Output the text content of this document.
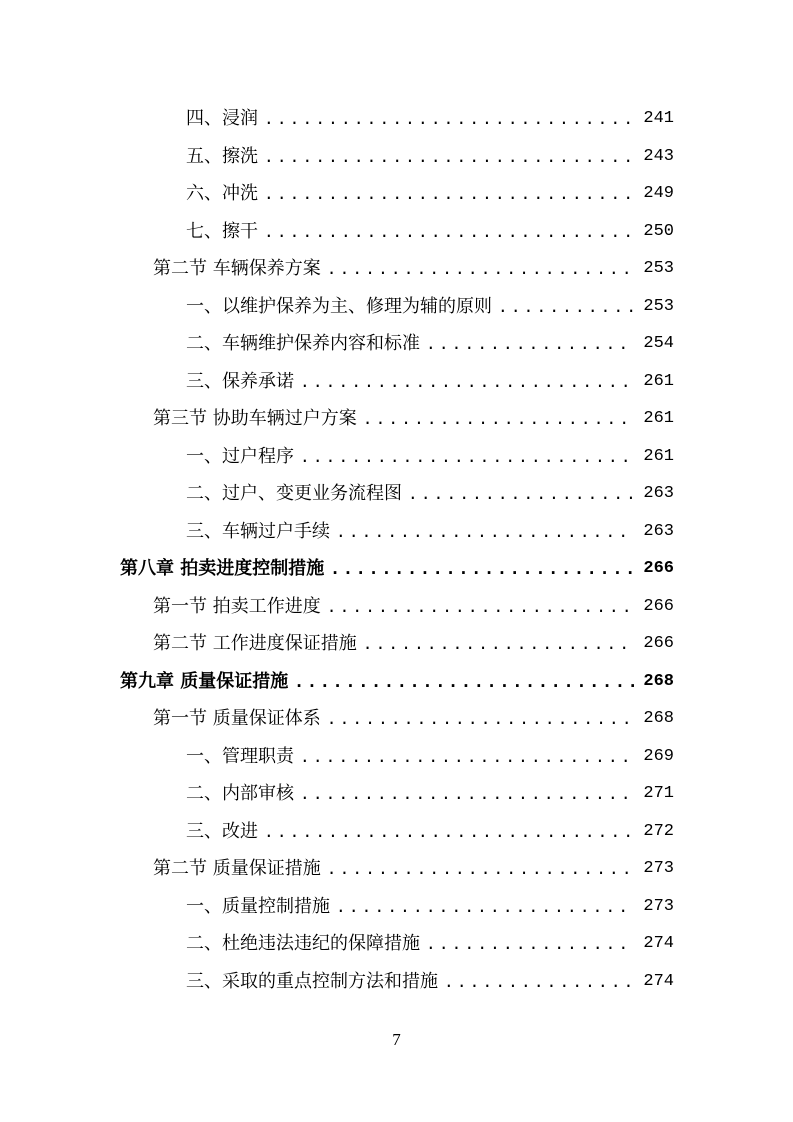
四、浸润 .....	241
五、擦洗 .....	243
六、冲洗 .....	249
七、擦干 .....	250
第二节 车辆保养方案 .....	253
一、以维护保养为主、修理为辅的原则 .....	253
二、车辆维护保养内容和标准 .....	254
三、保养承诺 .....	261
第三节 协助车辆过户方案 .....	261
一、过户程序 .....	261
二、过户、变更业务流程图 .....	263
三、车辆过户手续 .....	263
第八章 拍卖进度控制措施 .....	266
第一节 拍卖工作进度 .....	266
第二节 工作进度保证措施 .....	266
第九章 质量保证措施 .....	268
第一节 质量保证体系 .....	268
一、管理职责 .....	269
二、内部审核 .....	271
三、改进 .....	272
第二节 质量保证措施 .....	273
一、质量控制措施 .....	273
二、杜绝违法违纪的保障措施 .....	274
三、采取的重点控制方法和措施 .....	274
7
